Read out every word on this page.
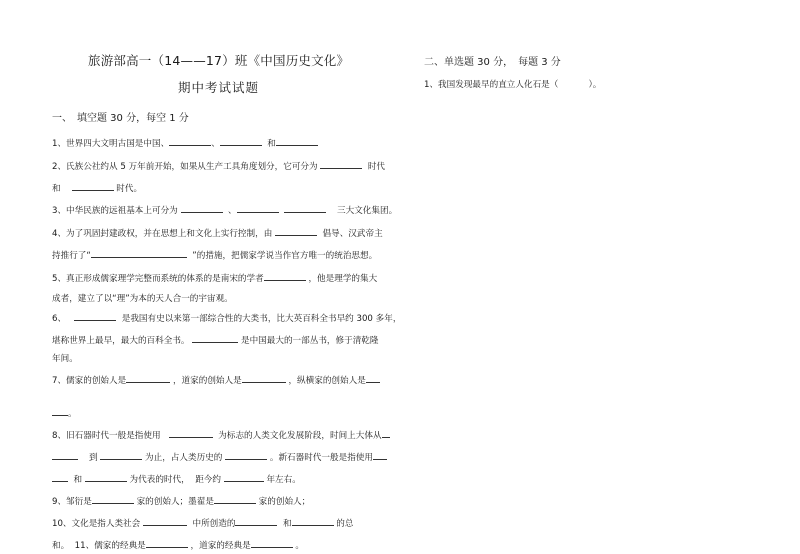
旅游部高一（14——17）班《中国历史文化》
期中考试试题
一、　填空题 30 分，每空 1 分
1、世界四大文明古国是中国、	、	和
2、氏族公社约从 5 万年前开始，如果从生产工具角度划分，它可分为	时代
和	时代。
3、中华民族的远祖基本上可分为	、	三大文化集团。
4、为了巩固封建政权，并在思想上和文化上实行控制，由	倡导、汉武帝主
持推行了“	”的措施，把儒家学说当作官方唯一的统治思想。
5、真正形成儒家理学完整而系统的体系的是南宋的学者	，他是理学的集大
成者，建立了以“理”为本的天人合一的宇宙观。
6、	是我国有史以来第一部综合性的大类书，比大英百科全书早约 300 多年，
堪称世界上最早，最大的百科全书。	是中国最大的一部丛书，修于清乾隆
年间。
7、儒家的创始人是	，道家的创始人是	，纵横家的创始人是
。
8、旧石器时代一般是指使用	为标志的人类文化发展阶段，时间上大体从
到	为止，占人类历史的	。新石器时代一般是指使用
和	为代表的时代， 距今约	年左右。
9、邹衍是	家的创始人；墨翟是	家的创始人；
10、文化是指人类社会	中所创造的	和	的总
和。 11、儒家的经典是	，道家的经典是	。
二、单选题 30 分，　每题 3 分
1、我国发现最早的直立人化石是（	）。
